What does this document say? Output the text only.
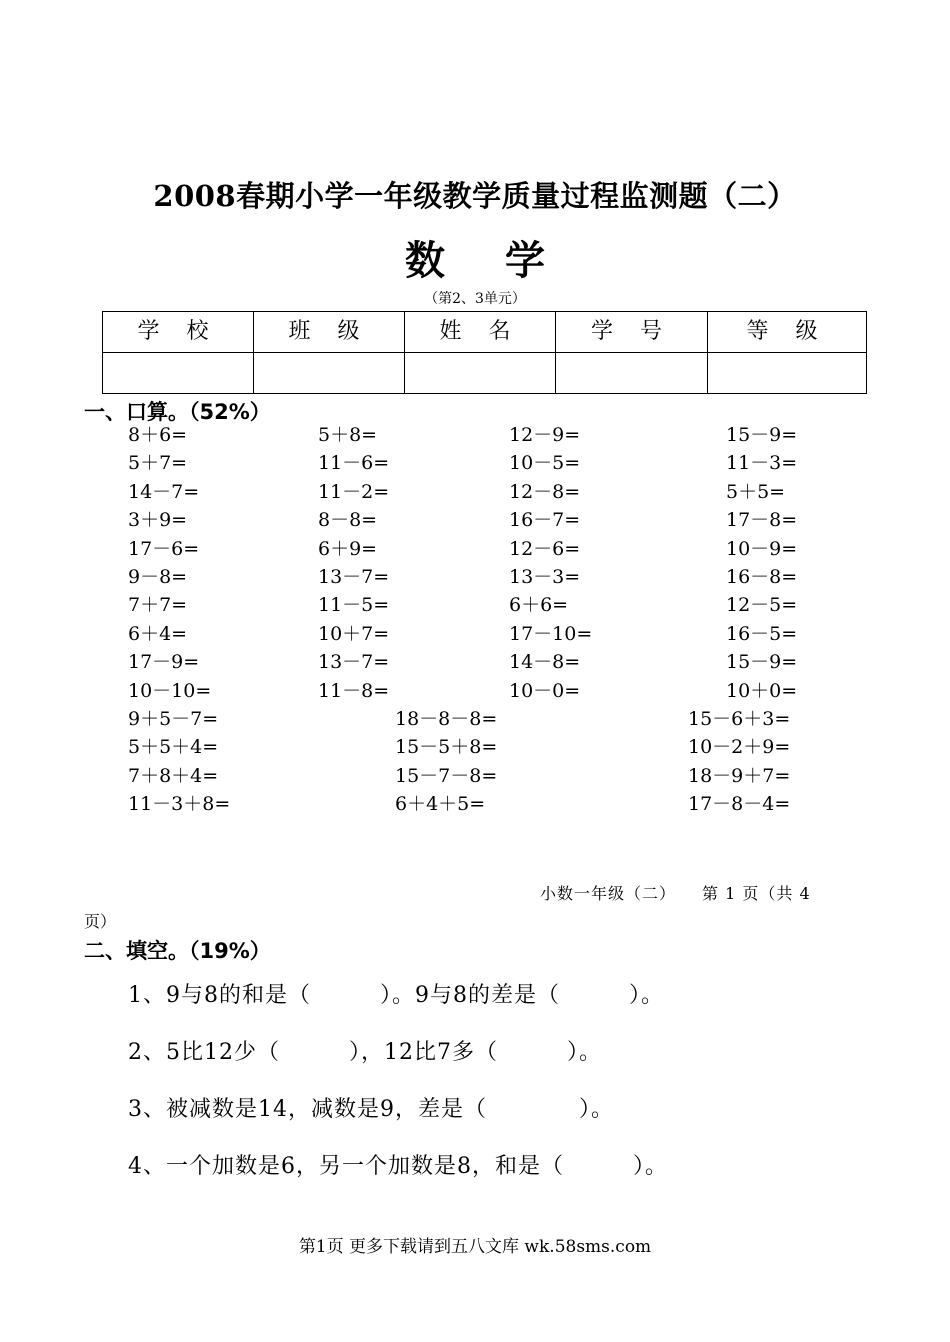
2008春期小学一年级教学质量过程监测题（二）
数学
（第2、3单元）
学 校	班 级	姓 名	学 号	等 级

一、口算。（52%）
8＋6=	5＋8=	12－9=	15－9=
5＋7=	11－6=	10－5=	11－3=
14－7=	11－2=	12－8=	5＋5=
3＋9=	8－8=	16－7=	17－8=
17－6=	6＋9=	12－6=	10－9=
9－8=	13－7=	13－3=	16－8=
7＋7=	11－5=	6＋6=	12－5=
6＋4=	10＋7=	17－10=	16－5=
17－9=	13－7=	14－8=	15－9=
10－10=	11－8=	10－0=	10＋0=
9＋5－7=	18－8－8=	15－6＋3=
5＋5＋4=	15－5＋8=	10－2＋9=
7＋8＋4=	15－7－8=	18－9＋7=
11－3＋8=	6＋4＋5=	17－8－4=
小数一年级（二）　　第 1 页（共 4
页）
二、填空。（19%）
1、9与8的和是（　　　）。9与8的差是（　　　）。
2、5比12少（　　　），12比7多（　　　）。
3、被减数是14，减数是9，差是（　　　　）。
4、一个加数是6，另一个加数是8，和是（　　　）。
第1页 更多下载请到五八文库 wk.58sms.com
